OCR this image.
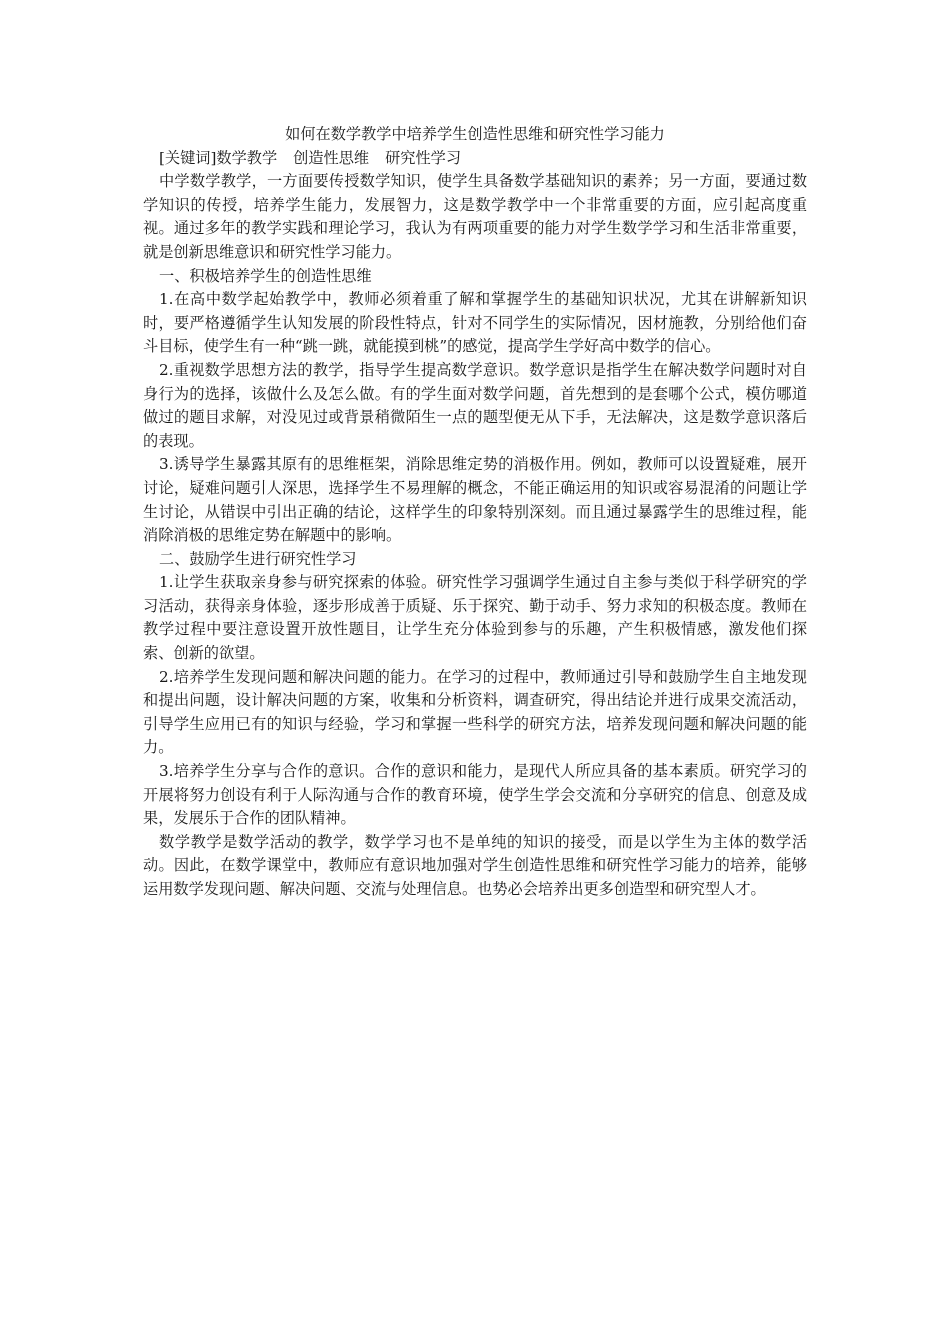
如何在数学教学中培养学生创造性思维和研究性学习能力

[关键词]数学教学 创造性思维 研究性学习

中学数学教学，一方面要传授数学知识，使学生具备数学基础知识的素养；另一方面，要通过数学知识的传授，培养学生能力，发展智力，这是数学教学中一个非常重要的方面，应引起高度重视。通过多年的教学实践和理论学习，我认为有两项重要的能力对学生数学学习和生活非常重要，就是创新思维意识和研究性学习能力。

一、积极培养学生的创造性思维

1.在高中数学起始教学中，教师必须着重了解和掌握学生的基础知识状况，尤其在讲解新知识时，要严格遵循学生认知发展的阶段性特点，针对不同学生的实际情况，因材施教，分别给他们奋斗目标，使学生有一种“跳一跳，就能摸到桃”的感觉，提高学生学好高中数学的信心。

2.重视数学思想方法的教学，指导学生提高数学意识。数学意识是指学生在解决数学问题时对自身行为的选择，该做什么及怎么做。有的学生面对数学问题，首先想到的是套哪个公式，模仿哪道做过的题目求解，对没见过或背景稍微陌生一点的题型便无从下手，无法解决，这是数学意识落后的表现。

3.诱导学生暴露其原有的思维框架，消除思维定势的消极作用。例如，教师可以设置疑难，展开讨论，疑难问题引人深思，选择学生不易理解的概念，不能正确运用的知识或容易混淆的问题让学生讨论，从错误中引出正确的结论，这样学生的印象特别深刻。而且通过暴露学生的思维过程，能消除消极的思维定势在解题中的影响。

二、鼓励学生进行研究性学习

1.让学生获取亲身参与研究探索的体验。研究性学习强调学生通过自主参与类似于科学研究的学习活动，获得亲身体验，逐步形成善于质疑、乐于探究、勤于动手、努力求知的积极态度。教师在教学过程中要注意设置开放性题目，让学生充分体验到参与的乐趣，产生积极情感，激发他们探索、创新的欲望。

2.培养学生发现问题和解决问题的能力。在学习的过程中，教师通过引导和鼓励学生自主地发现和提出问题，设计解决问题的方案，收集和分析资料，调查研究，得出结论并进行成果交流活动，引导学生应用已有的知识与经验，学习和掌握一些科学的研究方法，培养发现问题和解决问题的能力。

3.培养学生分享与合作的意识。合作的意识和能力，是现代人所应具备的基本素质。研究学习的开展将努力创设有利于人际沟通与合作的教育环境，使学生学会交流和分享研究的信息、创意及成果，发展乐于合作的团队精神。

数学教学是数学活动的教学，数学学习也不是单纯的知识的接受，而是以学生为主体的数学活动。因此，在数学课堂中，教师应有意识地加强对学生创造性思维和研究性学习能力的培养，能够运用数学发现问题、解决问题、交流与处理信息。也势必会培养出更多创造型和研究型人才。
